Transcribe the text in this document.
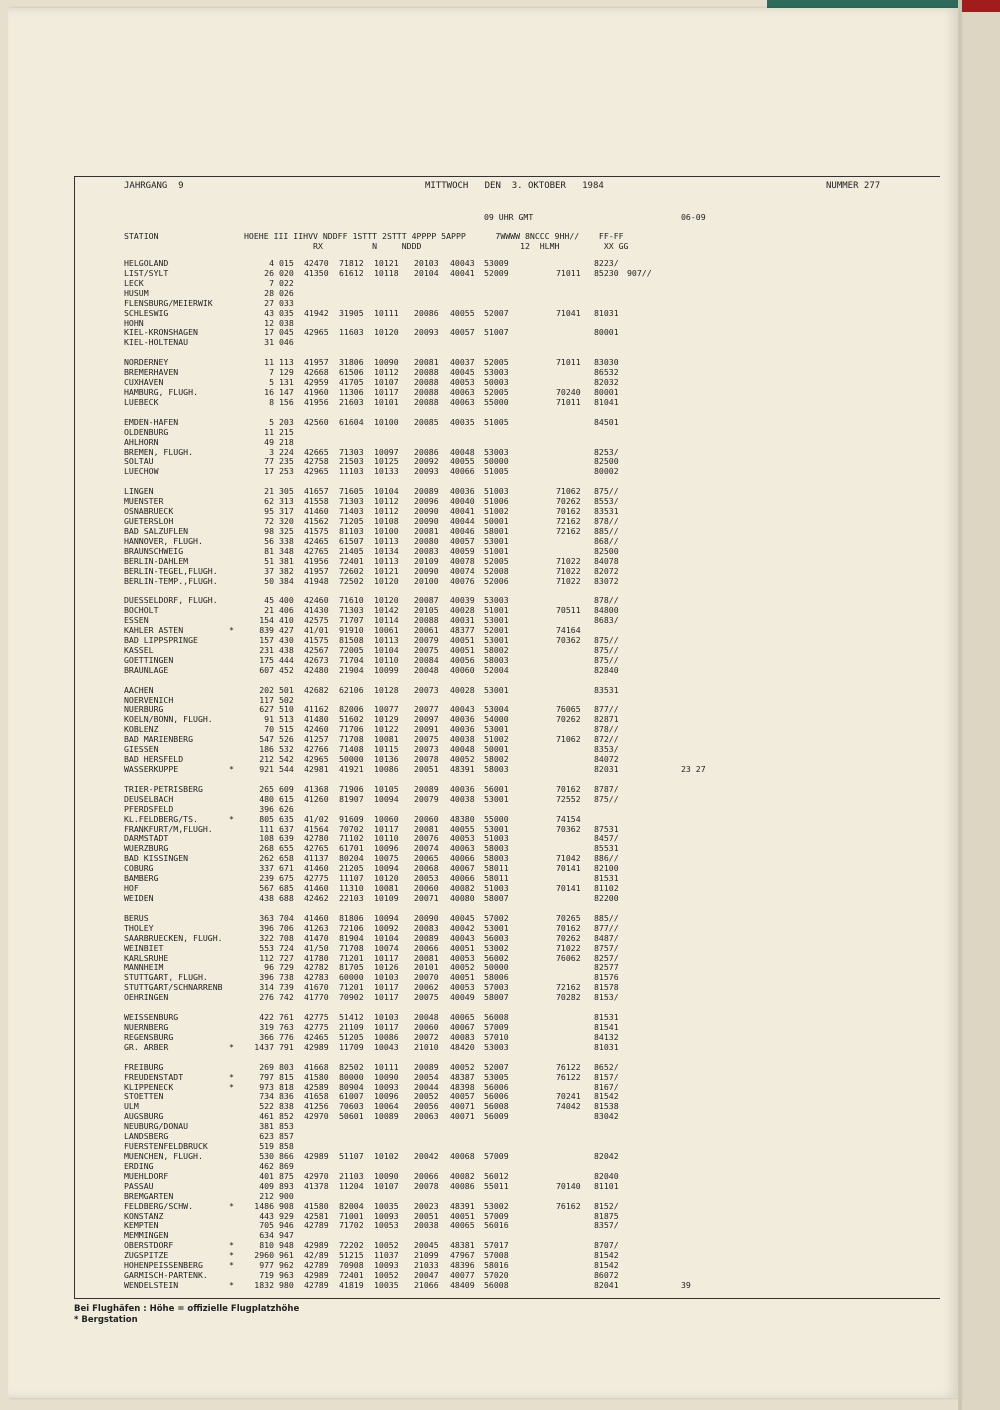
JAHRGANG  9	MITTWOCH   DEN  3. OKTOBER   1984	NUMMER 277
09 UHR GMT	06-09
STATION	HOEHE III IIHVV NDDFF 1STTT 2STTT 4PPPP 5APPP      7WWWW 8NCCC 9HH//    FF-FF
RX          N     NDDD                    12  HLMH         XX GG
HELGOLAND	4 015 42470 71812 10121 20103 40043 53009	8223/
LIST/SYLT	26 020 41350 61612 10118 20104 40041 52009	71011 85230 907//
LECK	7 022
HUSUM	28 026
FLENSBURG/MEIERWIK	27 033
SCHLESWIG	43 035 41942 31905 10111 20086 40055 52007	71041 81031
HOHN	12 038
KIEL-KRONSHAGEN	17 045 42965 11603 10120 20093 40057 51007	80001
KIEL-HOLTENAU	31 046
NORDERNEY	11 113 41957 31806 10090 20081 40037 52005	71011 83030
BREMERHAVEN	7 129 42668 61506 10112 20088 40045 53003	86532
CUXHAVEN	5 131 42959 41705 10107 20088 40053 50003	82032
HAMBURG, FLUGH.	16 147 41960 11306 10117 20088 40063 52005	70240 80001
LUEBECK	8 156 41956 21603 10101 20088 40063 55000	71011 81041
EMDEN-HAFEN	5 203 42560 61604 10100 20085 40035 51005	84501
OLDENBURG	11 215
AHLHORN	49 218
BREMEN, FLUGH.	3 224 42665 71303 10097 20086 40048 53003	8253/
SOLTAU	77 235 42758 21503 10125 20092 40055 50000	82500
LUECHOW	17 253 42965 11103 10133 20093 40066 51005	80002
LINGEN	21 305 41657 71605 10104 20089 40036 51003	71062 875//
MUENSTER	62 313 41558 71303 10112 20096 40040 51006	70262 8553/
OSNABRUECK	95 317 41460 71403 10112 20090 40041 51002	70162 83531
GUETERSLOH	72 320 41562 71205 10108 20090 40044 50001	72162 878//
BAD SALZUFLEN	98 325 41575 81103 10100 20081 40046 58001	72162 885//
HANNOVER, FLUGH.	56 338 42465 61507 10113 20080 40057 53001	868//
BRAUNSCHWEIG	81 348 42765 21405 10134 20083 40059 51001	82500
BERLIN-DAHLEM	51 381 41956 72401 10113 20109 40078 52005	71022 84078
BERLIN-TEGEL,FLUGH.	37 382 41957 72602 10121 20090 40074 52008	71022 82072
BERLIN-TEMP.,FLUGH.	50 384 41948 72502 10120 20100 40076 52006	71022 83072
DUESSELDORF, FLUGH.	45 400 42460 71610 10120 20087 40039 53003	878//
BOCHOLT	21 406 41430 71303 10142 20105 40028 51001	70511 84800
ESSEN	154 410 42575 71707 10114 20088 40031 53001	8683/
KAHLER ASTEN	*	839 427 41/01 91910 10061 20061 48377 52001	74164
BAD LIPPSPRINGE	157 430 41575 81508 10113 20079 40051 53001	70362 875//
KASSEL	231 438 42567 72005 10104 20075 40051 58002	875//
GOETTINGEN	175 444 42673 71704 10110 20084 40056 58003	875//
BRAUNLAGE	607 452 42480 21904 10099 20048 40060 52004	82840
AACHEN	202 501 42682 62106 10128 20073 40028 53001	83531
NOERVENICH	117 502
NUERBURG	627 510 41162 82006 10077 20077 40043 53004	76065 877//
KOELN/BONN, FLUGH.	91 513 41480 51602 10129 20097 40036 54000	70262 82871
KOBLENZ	70 515 42460 71706 10122 20091 40036 53001	878//
BAD MARIENBERG	547 526 41257 71708 10081 20075 40038 51002	71062 872//
GIESSEN	186 532 42766 71408 10115 20073 40048 50001	8353/
BAD HERSFELD	212 542 42965 50000 10136 20078 40052 58002	84072
WASSERKUPPE	*	921 544 42981 41921 10086 20051 48391 58003	82031	23 27
TRIER-PETRISBERG	265 609 41368 71906 10105 20089 40036 56001	70162 8787/
DEUSELBACH	480 615 41260 81907 10094 20079 40038 53001	72552 875//
PFERDSFELD	396 626
KL.FELDBERG/TS.	*	805 635 41/02 91609 10060 20060 48380 55000	74154
FRANKFURT/M,FLUGH.	111 637 41564 70702 10117 20081 40055 53001	70362 87531
DARMSTADT	108 639 42780 71102 10110 20076 40053 51003	8457/
WUERZBURG	268 655 42765 61701 10096 20074 40063 58003	85531
BAD KISSINGEN	262 658 41137 80204 10075 20065 40066 58003	71042 886//
COBURG	337 671 41460 21205 10094 20068 40067 58011	70141 82100
BAMBERG	239 675 42775 11107 10120 20053 40066 58011	81531
HOF	567 685 41460 11310 10081 20060 40082 51003	70141 81102
WEIDEN	438 688 42462 22103 10109 20071 40080 58007	82200
BERUS	363 704 41460 81806 10094 20090 40045 57002	70265 885//
THOLEY	396 706 41263 72106 10092 20083 40042 53001	70162 877//
SAARBRUECKEN, FLUGH.	322 708 41470 81904 10104 20089 40043 56003	70262 8487/
WEINBIET	553 724 41/50 71708 10074 20066 40051 53002	71022 8757/
KARLSRUHE	112 727 41780 71201 10117 20081 40053 56002	76062 8257/
MANNHEIM	96 729 42782 81705 10126 20101 40052 50000	82577
STUTTGART, FLUGH.	396 738 42783 60000 10103 20070 40051 58006	81576
STUTTGART/SCHNARRENB	314 739 41670 71201 10117 20062 40053 57003	72162 81578
OEHRINGEN	276 742 41770 70902 10117 20075 40049 58007	70282 8153/
WEISSENBURG	422 761 42775 51412 10103 20048 40065 56008	81531
NUERNBERG	319 763 42775 21109 10117 20060 40067 57009	81541
REGENSBURG	366 776 42465 51205 10086 20072 40083 57010	84132
GR. ARBER	*	1437 791 42989 11709 10043 21010 48420 53003	81031
FREIBURG	269 803 41668 82502 10111 20089 40052 52007	76122 8652/
FREUDENSTADT	*	797 815 41580 80000 10090 20054 48387 53005	76122 8157/
KLIPPENECK	*	973 818 42589 80904 10093 20044 48398 56006	8167/
STOETTEN	734 836 41658 61007 10096 20052 40057 56006	70241 81542
ULM	522 838 41256 70603 10064 20056 40071 56008	74042 81538
AUGSBURG	461 852 42970 50601 10089 20063 40071 56009	83042
NEUBURG/DONAU	381 853
LANDSBERG	623 857
FUERSTENFELDBRUCK	519 858
MUENCHEN, FLUGH.	530 866 42989 51107 10102 20042 40068 57009	82042
ERDING	462 869
MUEHLDORF	401 875 42970 21103 10090 20066 40082 56012	82040
PASSAU	409 893 41378 11204 10107 20078 40086 55011	70140 81101
BREMGARTEN	212 900
FELDBERG/SCHW.	*	1486 908 41580 82004 10035 20023 48391 53002	76162 8152/
KONSTANZ	443 929 42581 71001 10093 20051 40051 57009	81875
KEMPTEN	705 946 42789 71702 10053 20038 40065 56016	8357/
MEMMINGEN	634 947
OBERSTDORF	*	810 948 42989 72202 10052 20045 48381 57017	8707/
ZUGSPITZE	*	2960 961 42/89 51215 11037 21099 47967 57008	81542
HOHENPEISSENBERG	*	977 962 42789 70908 10093 21033 48396 58016	81542
GARMISCH-PARTENK.	719 963 42989 72401 10052 20047 40077 57020	86072
WENDELSTEIN	*	1832 980 42789 41819 10035 21066 48409 56008	82041	39
Bei Flughäfen : Höhe = offizielle Flugplatzhöhe
* Bergstation
